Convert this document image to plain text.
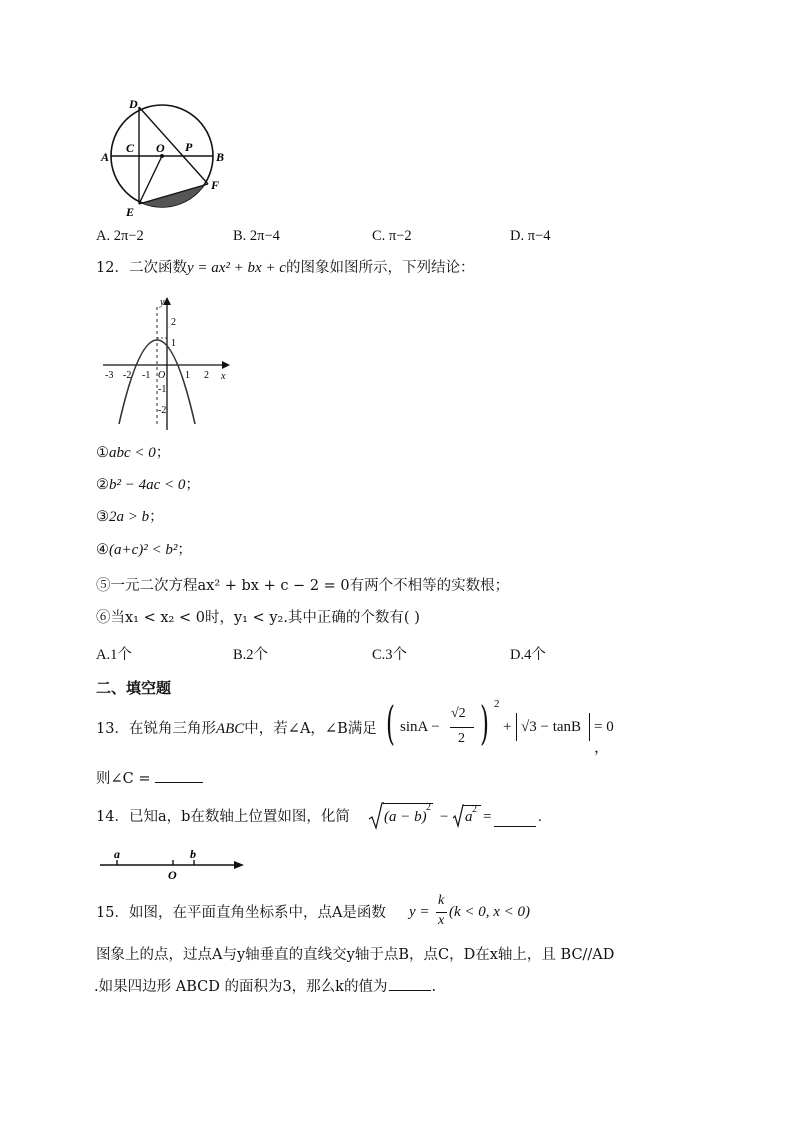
D
A
C O P
B
E
F
A. 2π−2	B. 2π−4	C. π−2	D. π−4
12．二次函数y = ax² + bx + c的图象如图所示，下列结论：
y
x
-3 -2 -1 O 1 2
2
1
-1
-2
①abc < 0；
②b² − 4ac < 0；
③2a > b；
④(a+c)² < b²；
⑤一元二次方程ax² + bx + c − 2 = 0有两个不相等的实数根；
⑥当x₁ < x₂ < 0时，y₁ < y₂.其中正确的个数有( )
A.1个	B.2个	C.3个	D.4个
二、填空题
13．在锐角三角形ABC中，若∠A，∠B满足 ( sinA −
√2
2 ) 2
+ √3 − tanB = 0 ，
则∠C =
14．已知a，b在数轴上位置如图，化简 (a − b)
2
− a 2 =	.
a	b
O
15．如图，在平面直角坐标系中，点A是函数 y =
k
x
(k < 0, x < 0)
图象上的点，过点A与y轴垂直的直线交y轴于点B，点C，D在x轴上，且 BC//AD
.如果四边形 ABCD 的面积为3，那么k的值为	.
